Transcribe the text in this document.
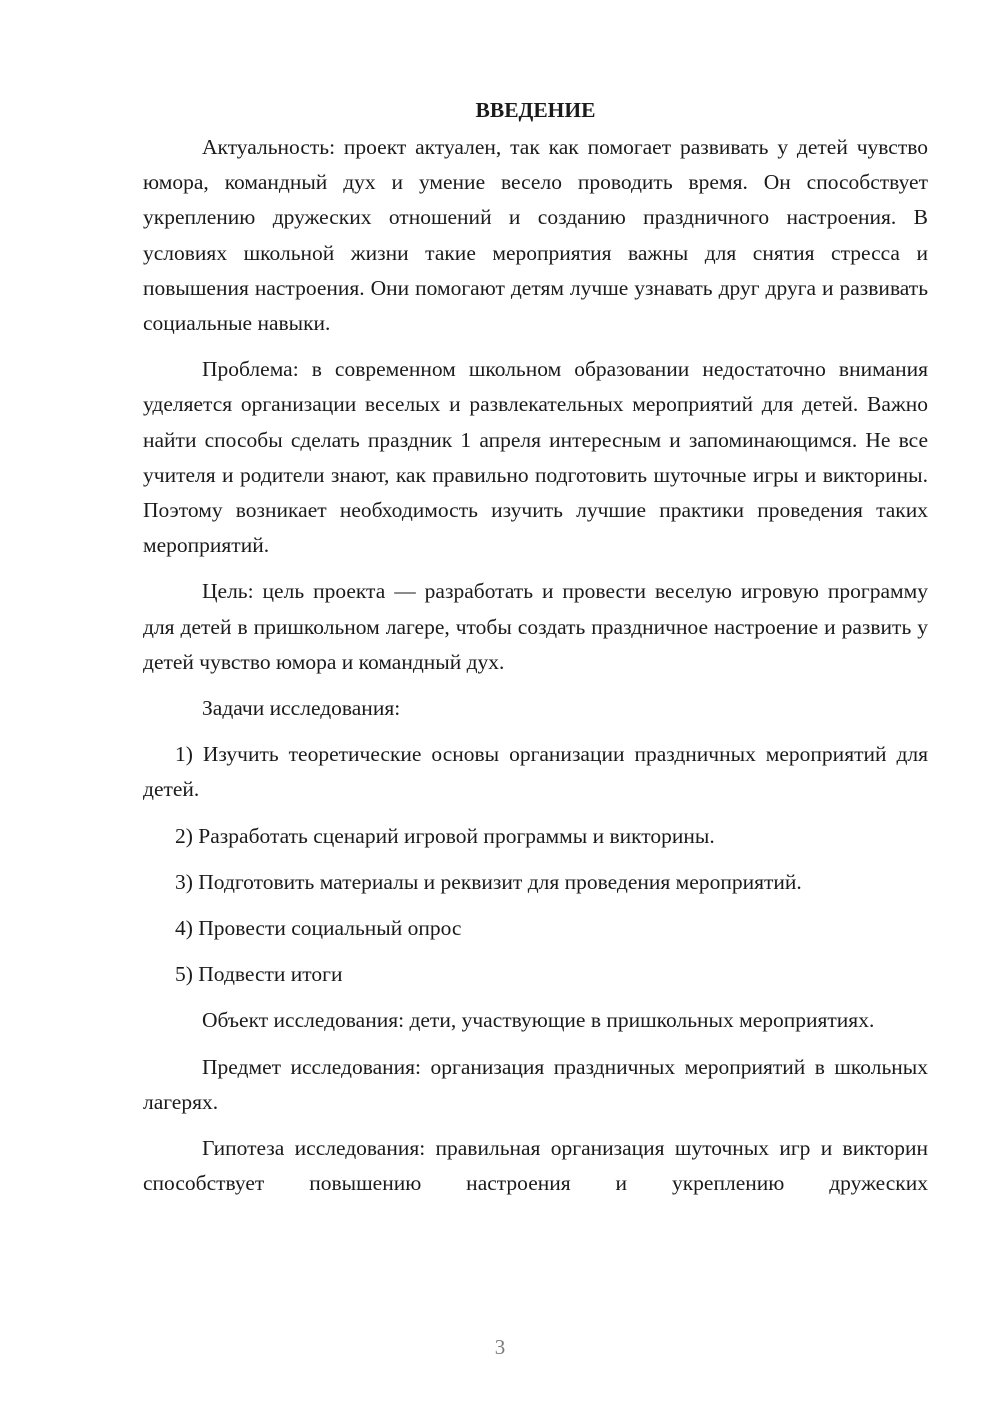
ВВЕДЕНИЕ

Актуальность: проект актуален, так как помогает развивать у детей чувство юмора, командный дух и умение весело проводить время. Он способствует укреплению дружеских отношений и созданию праздничного настроения. В условиях школьной жизни такие мероприятия важны для снятия стресса и повышения настроения. Они помогают детям лучше узнавать друг друга и развивать социальные навыки.

Проблема: в современном школьном образовании недостаточно внимания уделяется организации веселых и развлекательных мероприятий для детей. Важно найти способы сделать праздник 1 апреля интересным и запоминающимся. Не все учителя и родители знают, как правильно подготовить шуточные игры и викторины. Поэтому возникает необходимость изучить лучшие практики проведения таких мероприятий.

Цель: цель проекта — разработать и провести веселую игровую программу для детей в пришкольном лагере, чтобы создать праздничное настроение и развить у детей чувство юмора и командный дух.

Задачи исследования:

1) Изучить теоретические основы организации праздничных мероприятий для детей.

2) Разработать сценарий игровой программы и викторины.

3) Подготовить материалы и реквизит для проведения мероприятий.

4) Провести социальный опрос

5) Подвести итоги

Объект исследования: дети, участвующие в пришкольных мероприятиях.

Предмет исследования: организация праздничных мероприятий в школьных лагерях.

Гипотеза исследования: правильная организация шуточных игр и викторин способствует повышению настроения и укреплению дружеских

3
